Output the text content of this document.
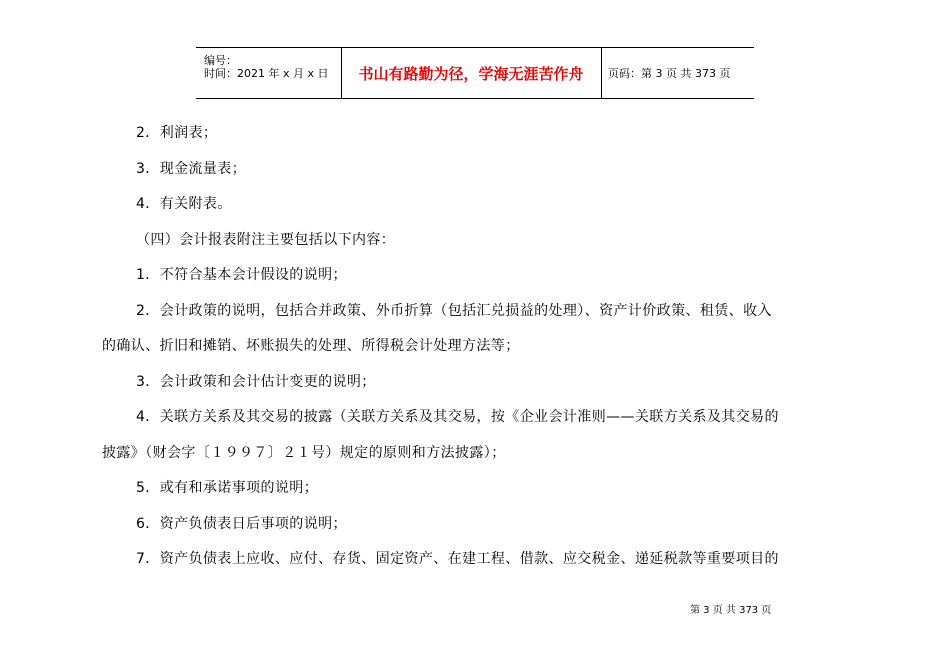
编号：
时间：2021 年 x 月 x 日	书山有路勤为径，学海无涯苦作舟	页码：第 3 页 共 373 页
2．利润表；
3．现金流量表；
4．有关附表。
（四）会计报表附注主要包括以下内容：
1．不符合基本会计假设的说明；
2．会计政策的说明，包括合并政策、外币折算（包括汇兑损益的处理）、资产计价政策、租赁、收入
的确认、折旧和摊销、坏账损失的处理、所得税会计处理方法等；
3．会计政策和会计估计变更的说明；
4．关联方关系及其交易的披露（关联方关系及其交易，按《企业会计准则——关联方关系及其交易的
披露》（财会字〔１９９７〕２１号）规定的原则和方法披露）；
5．或有和承诺事项的说明；
6．资产负债表日后事项的说明；
7．资产负债表上应收、应付、存货、固定资产、在建工程、借款、应交税金、递延税款等重要项目的
第 3 页 共 373 页
